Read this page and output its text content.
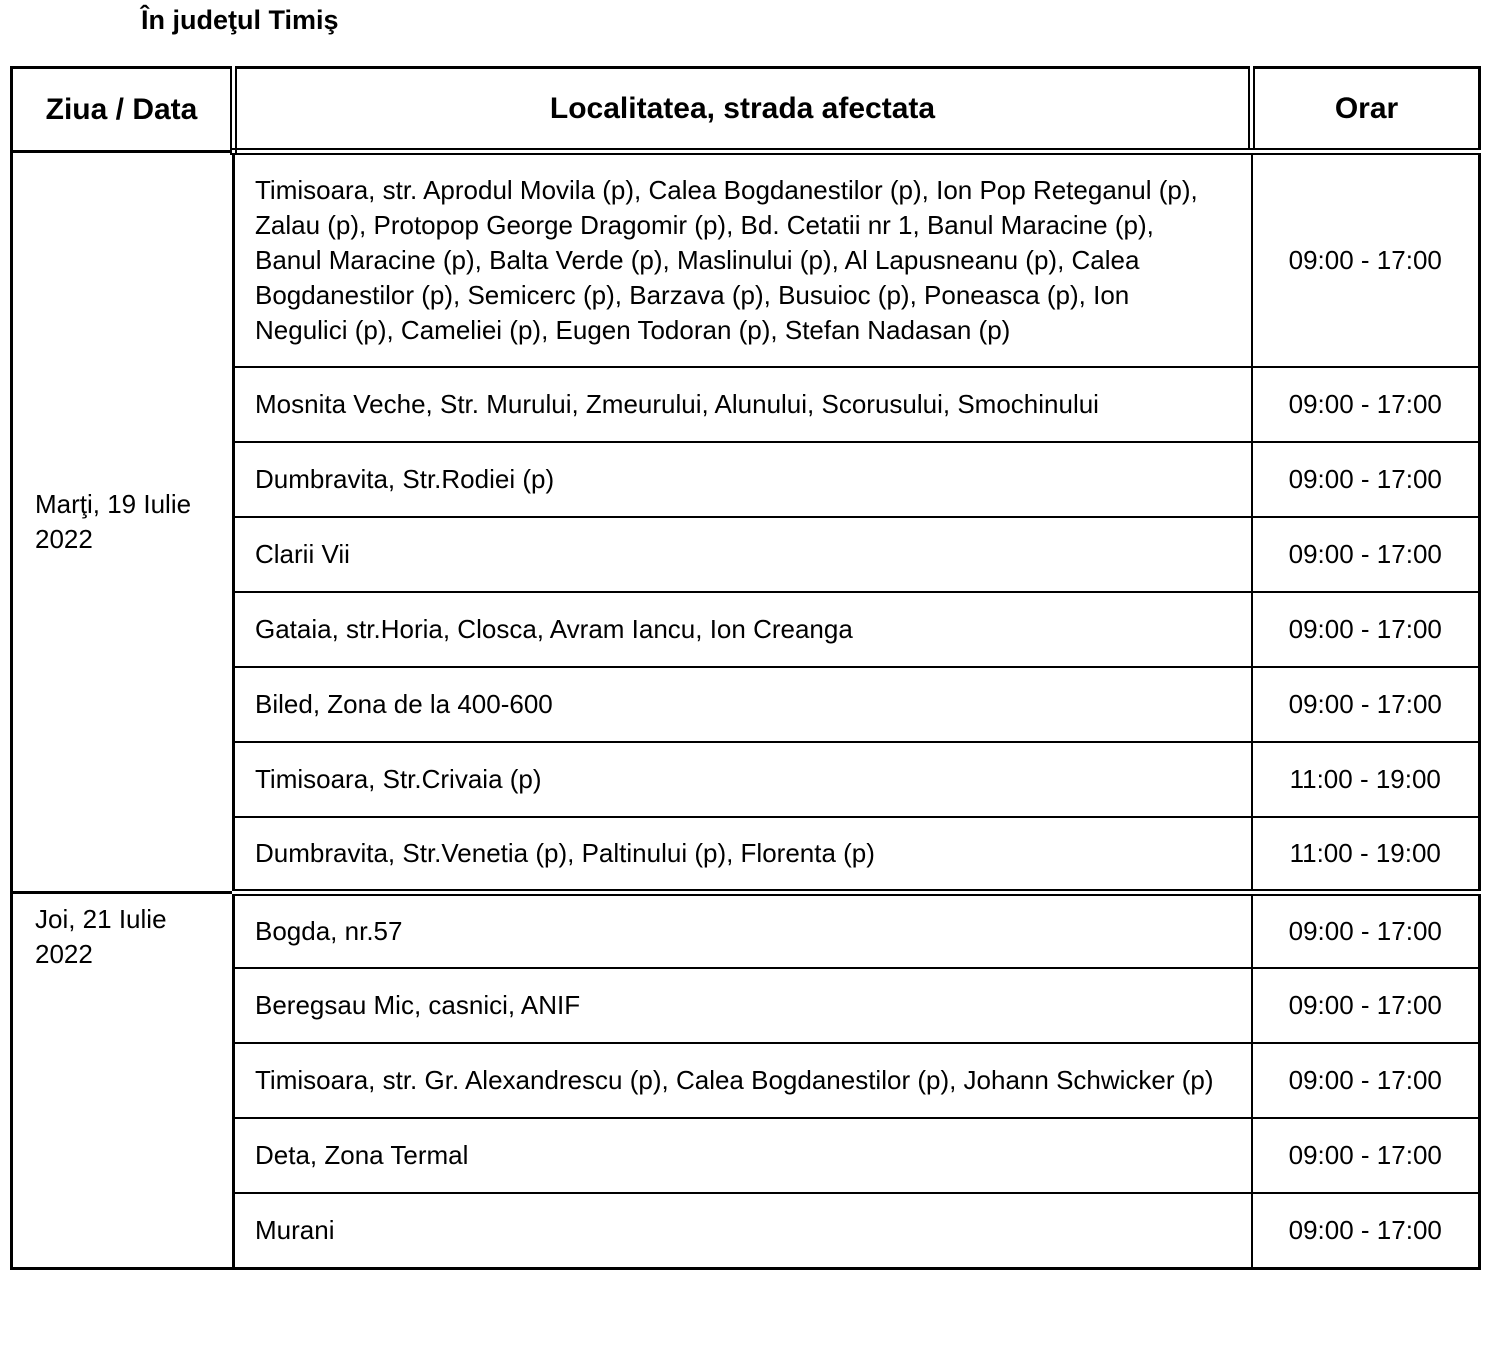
În judeţul Timiş
Ziua / Data	Localitatea, strada afectata	Orar
Marţi, 19 Iulie 2022	Timisoara, str. Aprodul Movila (p), Calea Bogdanestilor (p), Ion Pop Reteganul (p), Zalau (p), Protopop George Dragomir (p), Bd. Cetatii nr 1, Banul Maracine (p), Banul Maracine (p), Balta Verde (p), Maslinului (p), Al Lapusneanu (p), Calea Bogdanestilor (p), Semicerc (p), Barzava (p), Busuioc (p), Poneasca (p), Ion Negulici (p), Cameliei (p), Eugen Todoran (p), Stefan Nadasan (p)	09:00 - 17:00
	Mosnita Veche, Str. Murului, Zmeurului, Alunului, Scorusului, Smochinului	09:00 - 17:00
	Dumbravita, Str.Rodiei (p)	09:00 - 17:00
	Clarii Vii	09:00 - 17:00
	Gataia, str.Horia, Closca, Avram Iancu, Ion Creanga	09:00 - 17:00
	Biled, Zona de la 400-600	09:00 - 17:00
	Timisoara, Str.Crivaia (p)	11:00 - 19:00
	Dumbravita, Str.Venetia (p), Paltinului (p), Florenta (p)	11:00 - 19:00
Joi, 21 Iulie 2022	Bogda, nr.57	09:00 - 17:00
	Beregsau Mic, casnici, ANIF	09:00 - 17:00
	Timisoara, str. Gr. Alexandrescu (p), Calea Bogdanestilor (p), Johann Schwicker (p)	09:00 - 17:00
	Deta, Zona Termal	09:00 - 17:00
	Murani	09:00 - 17:00
